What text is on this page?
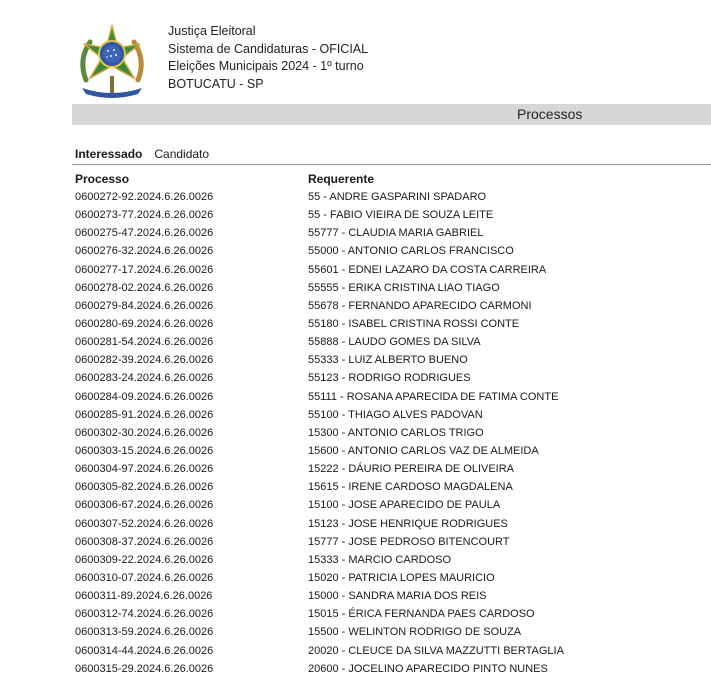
Justiça Eleitoral
Sistema de Candidaturas - OFICIAL
Eleições Municipais 2024 - 1º turno
BOTUCATU - SP
Processos
Interessado Candidato
Processo	Requerente
0600272-92.2024.6.26.0026	55 - ANDRE GASPARINI SPADARO
0600273-77.2024.6.26.0026	55 - FABIO VIEIRA DE SOUZA LEITE
0600275-47.2024.6.26.0026	55777 - CLAUDIA MARIA GABRIEL
0600276-32.2024.6.26.0026	55000 - ANTONIO CARLOS FRANCISCO
0600277-17.2024.6.26.0026	55601 - EDNEI LAZARO DA COSTA CARREIRA
0600278-02.2024.6.26.0026	55555 - ERIKA CRISTINA LIAO TIAGO
0600279-84.2024.6.26.0026	55678 - FERNANDO APARECIDO CARMONI
0600280-69.2024.6.26.0026	55180 - ISABEL CRISTINA ROSSI CONTE
0600281-54.2024.6.26.0026	55888 - LAUDO GOMES DA SILVA
0600282-39.2024.6.26.0026	55333 - LUIZ ALBERTO BUENO
0600283-24.2024.6.26.0026	55123 - RODRIGO RODRIGUES
0600284-09.2024.6.26.0026	55111 - ROSANA APARECIDA DE FATIMA CONTE
0600285-91.2024.6.26.0026	55100 - THIAGO ALVES PADOVAN
0600302-30.2024.6.26.0026	15300 - ANTONIO CARLOS TRIGO
0600303-15.2024.6.26.0026	15600 - ANTONIO CARLOS VAZ DE ALMEIDA
0600304-97.2024.6.26.0026	15222 - DÁURIO PEREIRA DE OLIVEIRA
0600305-82.2024.6.26.0026	15615 - IRENE CARDOSO MAGDALENA
0600306-67.2024.6.26.0026	15100 - JOSE APARECIDO DE PAULA
0600307-52.2024.6.26.0026	15123 - JOSE HENRIQUE RODRIGUES
0600308-37.2024.6.26.0026	15777 - JOSE PEDROSO BITENCOURT
0600309-22.2024.6.26.0026	15333 - MARCIO CARDOSO
0600310-07.2024.6.26.0026	15020 - PATRICIA LOPES MAURICIO
0600311-89.2024.6.26.0026	15000 - SANDRA MARIA DOS REIS
0600312-74.2024.6.26.0026	15015 - ÉRICA FERNANDA PAES CARDOSO
0600313-59.2024.6.26.0026	15500 - WELINTON RODRIGO DE SOUZA
0600314-44.2024.6.26.0026	20020 - CLEUCE DA SILVA MAZZUTTI BERTAGLIA
0600315-29.2024.6.26.0026	20600 - JOCELINO APARECIDO PINTO NUNES
